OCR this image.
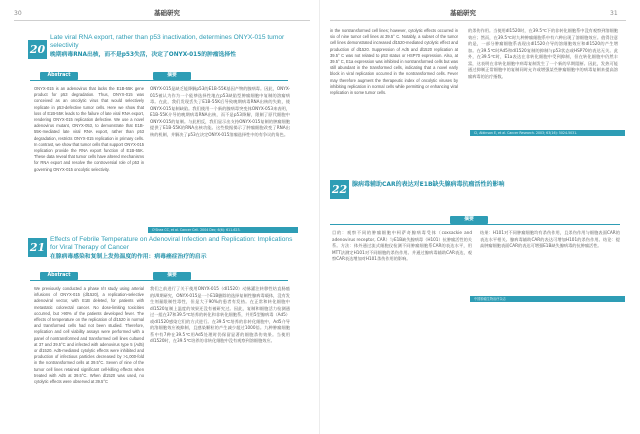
30	基础研究
20
Late viral RNA export, rather than p53 inactivation, determines ONYX-015 tumor selectivity
晚期病毒RNA出核，而不是p53失活，决定了ONYX-015的肿瘤选择性
Abstract	摘要

ONYX-015 is an adenovirus that lacks the E1B-55K gene product for p53 degradation. Thus, ONYX-015 was conceived as an oncolytic virus that would selectively replicate in p53-defective tumor cells. Here we show that loss of E1B-55K leads to the failure of late viral RNA export, rendering ONYX-015 replication defective. We use a novel adenovirus mutant, ONYX-053, to demonstrate that E1B-55K-mediated late viral RNA export, rather than p53 degradation, restricts ONYX-015 replication in primary cells. In contrast, we show that tumor cells that support ONYX-015 replication provide the RNA export function of E1B-55K. These data reveal that tumor cells have altered mechanisms for RNA export and resolve the controversial role of p53 in governing ONYX-015 oncolytic selectivity.

ONYX-015是缺乏能降解p53的E1B-55K基因产物的腺病毒。因此，ONYX-015被认为作为一个能够选择性地在p53缺陷型肿瘤细胞中复制的溶瘤病毒。在此，我们发现丢失了E1B-55K后导致晚期病毒RNA出核的失败，使ONYX-015复制缺陷。我们使用一个新的腺病毒突变体ONYX-053来表明，E1B-55K介导的晚期病毒RNA出核，而不是p53降解，限制了原代细胞中ONYX-015的复制。与此相反，我们显示出支持ONYX-015复制的肿瘤细胞提供了E1B-55K的RNA出核功能。这些数据揭示了肿瘤细胞改变了RNA出核的机制，并解决了p53在决定ONYX-015溶瘤选择性中的有争议的角色。

O'Shea CC, et al. Cancer Cell. 2004 Dec; 6(6): 611-623.
21
Effects of Febrile Temperature on Adenoviral Infection and Replication: Implications for Viral Therapy of Cancer
在腺病毒感染和复制上发热温度的作用：病毒癌症治疗的启示
Abstract	摘要

We previously conducted a phase I/II study using arterial infusions of ONYX-015 (dl1520), a replication-selective adenoviral vector, with E1B deleted, for patients with metastatic colorectal cancer. No dose-limiting toxicities occurred, but >90% of the patients developed fever. The effects of temperature on the replication of dl1520 in normal and transformed cells had not been studied. Therefore, replication and cell viability assays were performed with a panel of nontransformed and transformed cell lines cultured at 37 and 39.5°C and infected with adenovirus type 5 (Ad5) or dl1520. Ad5-mediated cytolytic effects were inhibited and production of infectious particles decreased by >1,000-fold in the nontransformed cells at 39.5°C. Seven of nine of the tumor cell lines retained significant cell-killing effects when treated with Ad5 at 39.5°C. When dl1520 was used, no cytolytic effects were observed at 39.5°C

我们之前进行了关于使用ONYX-015（dl1520）动脉灌注转移性结直肠癌的I/II期研究，ONYX-015是一个E1B删除的选择复制性腺病毒载体，没有发生剂量限制性毒性，但是大于90%的患者有发热。在正常和转化细胞中dl1520复制上温度的效果还没有被研究过。因此，复制和细胞活力检测通过一组在37和39.5℃培养的转化和非转化细胞系，并用5型腺病毒（Ad5）或dl1520感染它们的方式进行。在39.5℃培养的非转化细胞中，Ad5介导的溶细胞效应被抑制，且感染颗粒的产生减少超过1000倍。九种肿瘤细胞系中有7种在39.5℃用Ad5处理时仍保留显著的细胞杀伤效果。当使用dl1520时，在39.5℃培养的非转化细胞中没有观察到溶细胞效应。

基础研究	31

in the nontransformed cell lines; however, cytolytic effects occurred in six of nine tumor cell lines at 39.5° C. Notably, a subset of the tumor cell lines demonstrated increased dl1520-mediated cytolytic effect and production of dl1520. Suppression of Ad5 and dl1520 replication at 39.5° C was not related to p53 status or HSP70 expression. Also, at 39.5° C, E1a expression was inhibited in nontransformed cells but was still abundant in the transformed cells, indicating that a novel early block in viral replication occurred in the nontransformed cells. Fever may therefore augment the therapeutic index of oncolytic viruses by inhibiting replication in normal cells while permitting or enhancing viral replication in some tumor cells.

的杀伤作用。当使用dl1520时，在39.5℃下的非转化细胞系中没有观察到溶细胞效应；然而，在39.5℃时九种肿瘤细胞系中有六种出现了溶细胞效应。值得注意的是，一部分肿瘤细胞系表现出dl1520介导的溶细胞效应和dl1520的产生增加。在39.5℃时Ad5和dl1520复制的抑制与p53状态或HSP70的表达无关。此外，在39.5℃时，E1a表达在非转化细胞中受到抑制，但在转化细胞中仍然丰富，这表明在非转化细胞中病毒复制发生了一个新的早期阻断。因此，发热可能通过抑制正常细胞中的复制同时允许或增强某些肿瘤细胞中的病毒复制来提高溶瘤病毒的治疗指数。

CI, Atkinson E, et al. Cancer Research. 2003; 63(16): 5024-5031.
22 腺病毒辅助CAR的表达对E1B缺失腺病毒抗瘤活性的影响
摘要

目的：观察不同的肿瘤细胞中柯萨奇腺病毒受体（coxsackie and adenovirus receptor, CAR）与E1B缺失腺病毒（H101）抗肿瘤活性的关系。方法：体外通过流式细胞仪检测不同肿瘤细胞系CAR的表达水平，用MTT法测定H101对不同细胞的杀伤作用。并通过腺病毒辅助CAR表达，观察CAR表达增加对H101杀伤作用的影响。

结果：H101对不同肿瘤细胞均有杀伤作用，且杀伤作用与细胞表面CAR的表达水平相关。腺病毒辅助CAR的表达可增加H101的杀伤作用。结论：提高肿瘤细胞表面CAR的表达可增强E1B缺失腺病毒的抗肿瘤活性。

中国肿瘤生物治疗杂志
